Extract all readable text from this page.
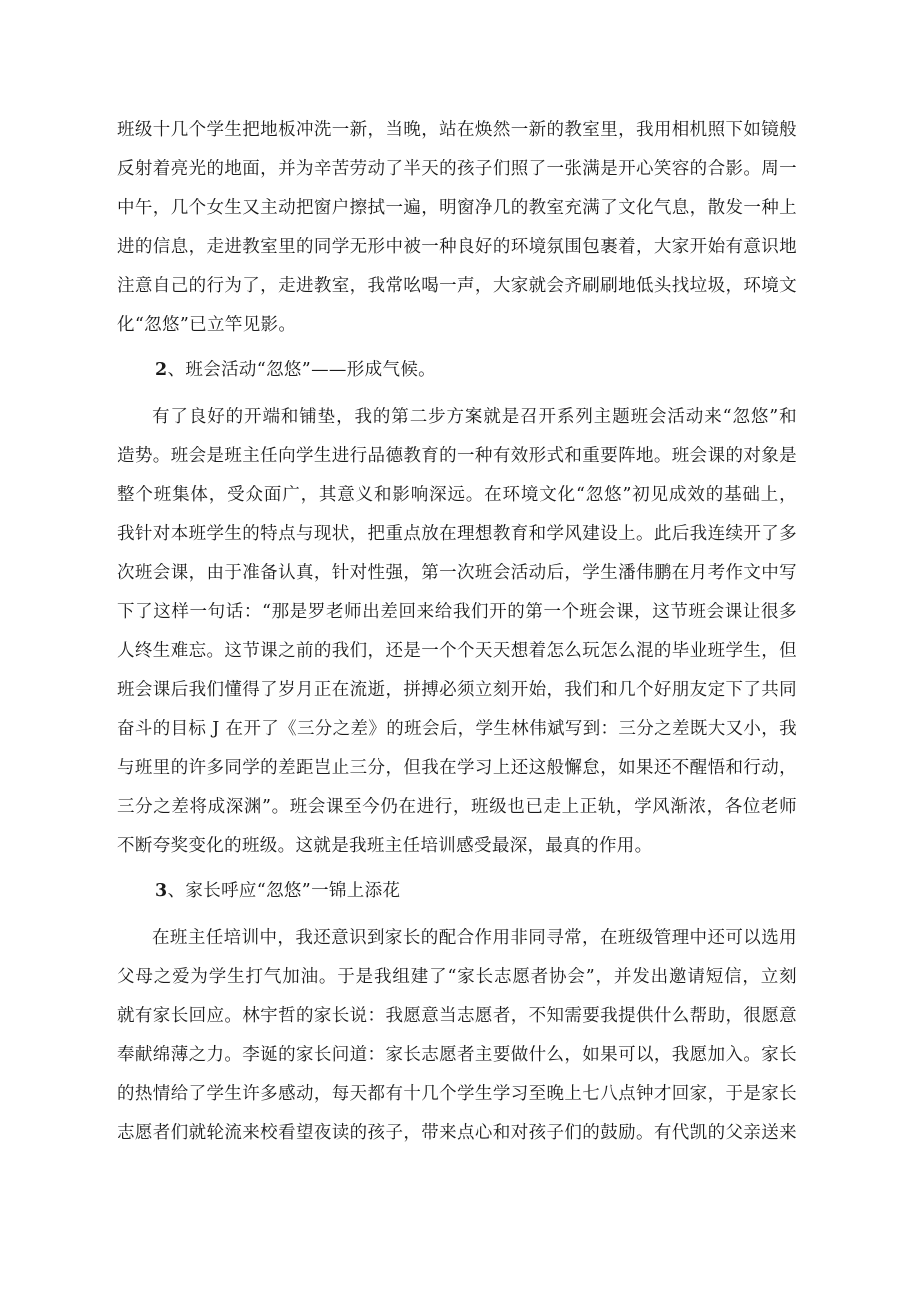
班级十几个学生把地板冲洗一新，当晚，站在焕然一新的教室里，我用相机照下如镜般
反射着亮光的地面，并为辛苦劳动了半天的孩子们照了一张满是开心笑容的合影。周一
中午，几个女生又主动把窗户擦拭一遍，明窗净几的教室充满了文化气息，散发一种上
进的信息，走进教室里的同学无形中被一种良好的环境氛围包裹着，大家开始有意识地
注意自己的行为了，走进教室，我常吆喝一声，大家就会齐刷刷地低头找垃圾，环境文
化“忽悠”已立竿见影。
2、班会活动“忽悠”——形成气候。
有了良好的开端和铺垫，我的第二步方案就是召开系列主题班会活动来“忽悠”和
造势。班会是班主任向学生进行品德教育的一种有效形式和重要阵地。班会课的对象是
整个班集体，受众面广，其意义和影响深远。在环境文化“忽悠”初见成效的基础上，
我针对本班学生的特点与现状，把重点放在理想教育和学风建设上。此后我连续开了多
次班会课，由于准备认真，针对性强，第一次班会活动后，学生潘伟鹏在月考作文中写
下了这样一句话：“那是罗老师出差回来给我们开的第一个班会课，这节班会课让很多
人终生难忘。这节课之前的我们，还是一个个天天想着怎么玩怎么混的毕业班学生，但
班会课后我们懂得了岁月正在流逝，拼搏必须立刻开始，我们和几个好朋友定下了共同
奋斗的目标 J 在开了《三分之差》的班会后，学生林伟斌写到：三分之差既大又小，我
与班里的许多同学的差距岂止三分，但我在学习上还这般懈怠，如果还不醒悟和行动，
三分之差将成深渊”。班会课至今仍在进行，班级也已走上正轨，学风渐浓，各位老师
不断夸奖变化的班级。这就是我班主任培训感受最深，最真的作用。
3、家长呼应“忽悠”一锦上添花
在班主任培训中，我还意识到家长的配合作用非同寻常，在班级管理中还可以选用
父母之爱为学生打气加油。于是我组建了“家长志愿者协会”，并发出邀请短信，立刻
就有家长回应。林宇哲的家长说：我愿意当志愿者，不知需要我提供什么帮助，很愿意
奉献绵薄之力。李诞的家长问道：家长志愿者主要做什么，如果可以，我愿加入。家长
的热情给了学生许多感动，每天都有十几个学生学习至晚上七八点钟才回家，于是家长
志愿者们就轮流来校看望夜读的孩子，带来点心和对孩子们的鼓励。有代凯的父亲送来
